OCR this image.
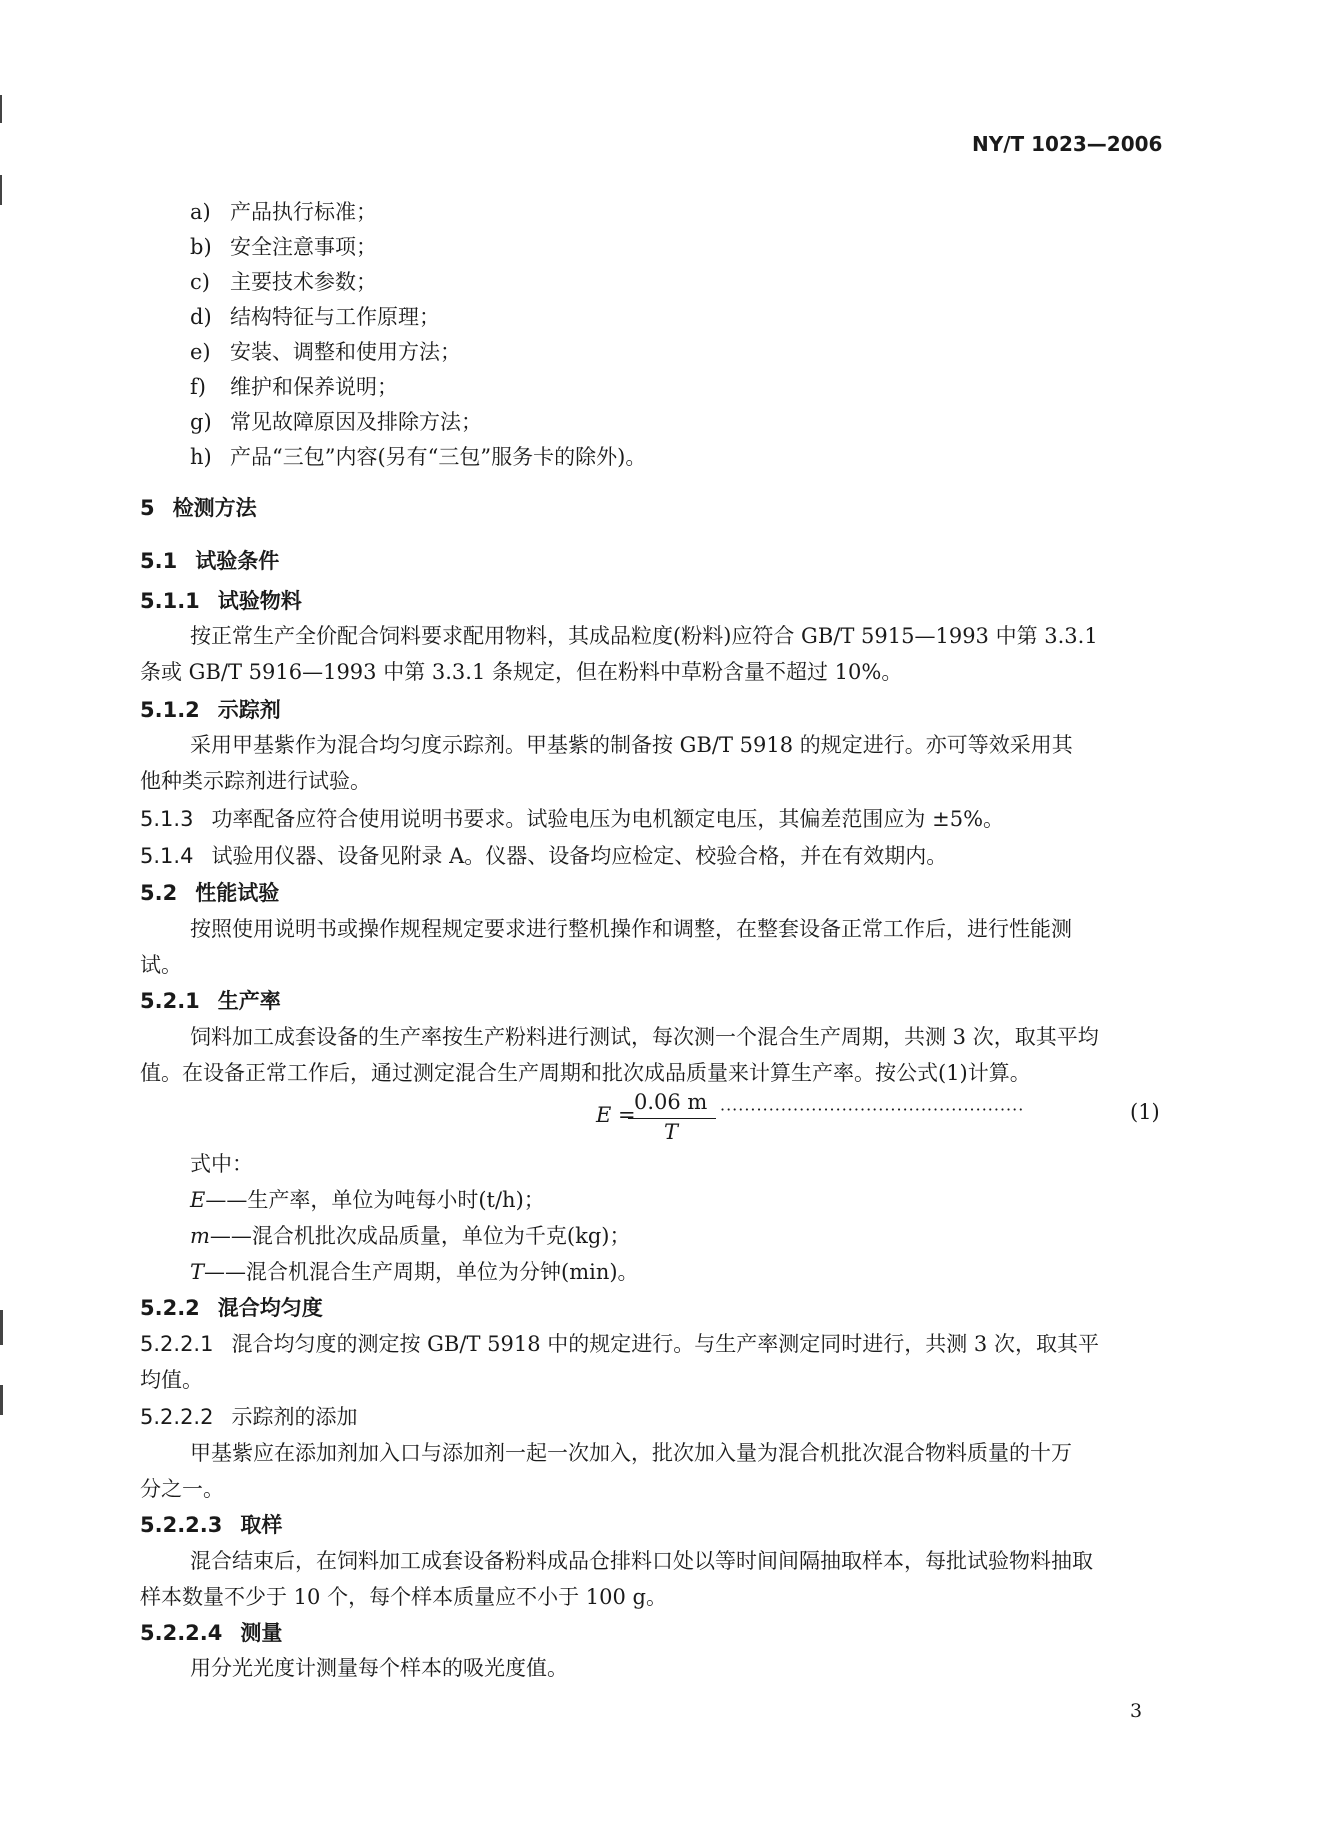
NY/T 1023—2006
a) 产品执行标准；
b) 安全注意事项；
c) 主要技术参数；
d) 结构特征与工作原理；
e) 安装、调整和使用方法；
f) 维护和保养说明；
g) 常见故障原因及排除方法；
h) 产品“三包”内容(另有“三包”服务卡的除外)。
5 检测方法
5.1 试验条件
5.1.1 试验物料
按正常生产全价配合饲料要求配用物料，其成品粒度(粉料)应符合 GB/T 5915—1993 中第 3.3.1
条或 GB/T 5916—1993 中第 3.3.1 条规定，但在粉料中草粉含量不超过 10%。
5.1.2 示踪剂
采用甲基紫作为混合均匀度示踪剂。甲基紫的制备按 GB/T 5918 的规定进行。亦可等效采用其
他种类示踪剂进行试验。
5.1.3 功率配备应符合使用说明书要求。试验电压为电机额定电压，其偏差范围应为 ±5%。
5.1.4 试验用仪器、设备见附录 A。仪器、设备均应检定、校验合格，并在有效期内。
5.2 性能试验
按照使用说明书或操作规程规定要求进行整机操作和调整，在整套设备正常工作后，进行性能测
试。
5.2.1 生产率
饲料加工成套设备的生产率按生产粉料进行测试，每次测一个混合生产周期，共测 3 次，取其平均
值。在设备正常工作后，通过测定混合生产周期和批次成品质量来计算生产率。按公式(1)计算。
E =
0.06 m
T
··················································	(1)
式中：
E——生产率，单位为吨每小时(t/h)；
m——混合机批次成品质量，单位为千克(kg)；
T——混合机混合生产周期，单位为分钟(min)。
5.2.2 混合均匀度
5.2.2.1 混合均匀度的测定按 GB/T 5918 中的规定进行。与生产率测定同时进行，共测 3 次，取其平
均值。
5.2.2.2 示踪剂的添加
甲基紫应在添加剂加入口与添加剂一起一次加入，批次加入量为混合机批次混合物料质量的十万
分之一。
5.2.2.3 取样
混合结束后，在饲料加工成套设备粉料成品仓排料口处以等时间间隔抽取样本，每批试验物料抽取
样本数量不少于 10 个，每个样本质量应不小于 100 g。
5.2.2.4 测量
用分光光度计测量每个样本的吸光度值。
3
